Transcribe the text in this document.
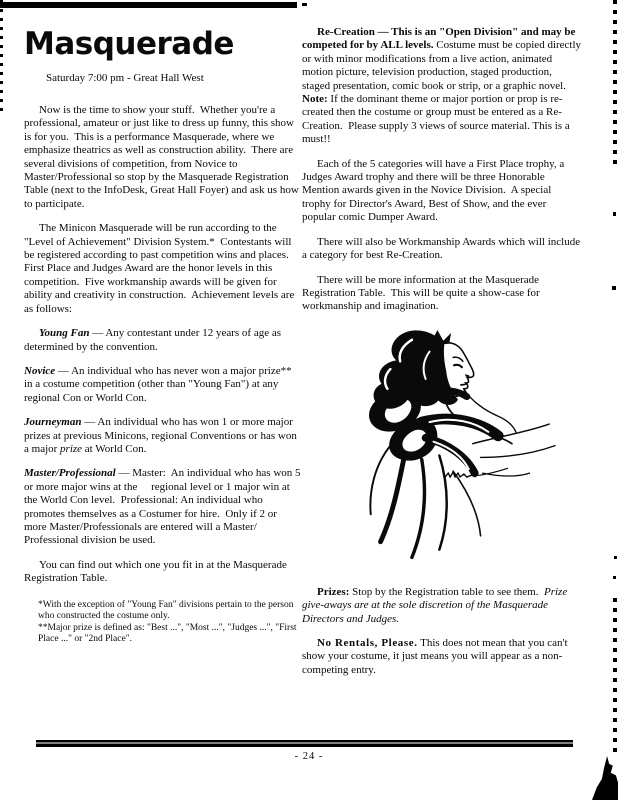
Masquerade
Saturday 7:00 pm - Great Hall West

Now is the time to show your stuff.  Whether you're a professional, amateur or just like to dress up funny, this show is for you.  This is a performance Masquerade, where we emphasize theatrics as well as construction ability.  There are several divisions of competition, from Novice to Master/Professional so stop by the Masquerade Registration Table (next to the InfoDesk, Great Hall Foyer) and ask us how to participate.

The Minicon Masquerade will be run according to the "Level of Achievement" Division System.*  Contestants will be registered according to past competition wins and places.  First Place and Judges Award are the honor levels in this competition.  Five workmanship awards will be given for ability and creativity in construction.  Achievement levels are as follows:

Young Fan — Any contestant under 12 years of age as determined by the convention.

Novice — An individual who has never won a major prize** in a costume competition (other than "Young Fan") at any regional Con or World Con.

Journeyman — An individual who has won 1 or more major prizes at previous Minicons, regional Conventions or has won a major prize at World Con.

Master/Professional — Master:  An individual who has won 5 or more major wins at the     regional level or 1 major win at the World Con level.  Professional: An individual who promotes themselves as a Costumer for hire.  Only if 2 or more Master/Professionals are entered will a Master/ Professional division be used.

You can find out which one you fit in at the Masquerade Registration Table.

*With the exception of "Young Fan" divisions pertain to the person who constructed the costume only.

**Major prize is defined as: "Best ...", "Most ...", "Judges ...", "First Place ..." or "2nd Place".

Re-Creation — This is an "Open Division" and may be competed for by ALL levels. Costume must be copied directly or with minor modifications from a live action, animated motion picture, television production, staged production, staged presentation, comic book or strip, or a graphic novel.  Note: If the dominant theme or major portion or prop is re-created then the costume or group must be entered as a Re-Creation.  Please supply 3 views of source material. This is a must!!

Each of the 5 categories will have a First Place trophy, a Judges Award trophy and there will be three Honorable Mention awards given in the Novice Division.  A special trophy for Director's Award, Best of Show, and the ever popular comic Dumper Award.

There will also be Workmanship Awards which will include a category for best Re-Creation.

There will be more information at the Masquerade Registration Table.  This will be quite a show-case for workmanship and imagination.

Prizes: Stop by the Registration table to see them.  Prize give-aways are at the sole discretion of the Masquerade Directors and Judges.

No Rentals, Please. This does not mean that you can't show your costume, it just means you will appear as a non-competing entry.

- 24 -
